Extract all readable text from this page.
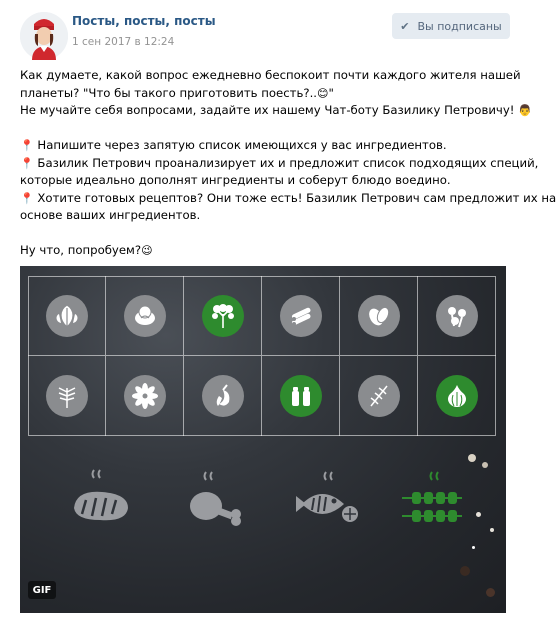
Посты, посты, посты
1 сен 2017 в 12:24
✔ Вы подписаны

Как думаете, какой вопрос ежедневно беспокоит почти каждого жителя нашей

планеты? "Что бы такого приготовить поесть?..😊"

Не мучайте себя вопросами, задайте их нашему Чат-боту Базилику Петровичу! 👨

📍 Напишите через запятую список имеющихся у вас ингредиентов.

📍 Базилик Петрович проанализирует их и предложит список подходящих специй,

которые идеально дополнят ингредиенты и соберут блюдо воедино.

📍 Хотите готовых рецептов? Они тоже есть! Базилик Петрович сам предложит их на

основе ваших ингредиентов.

Ну что, попробуем?😉

GIF
